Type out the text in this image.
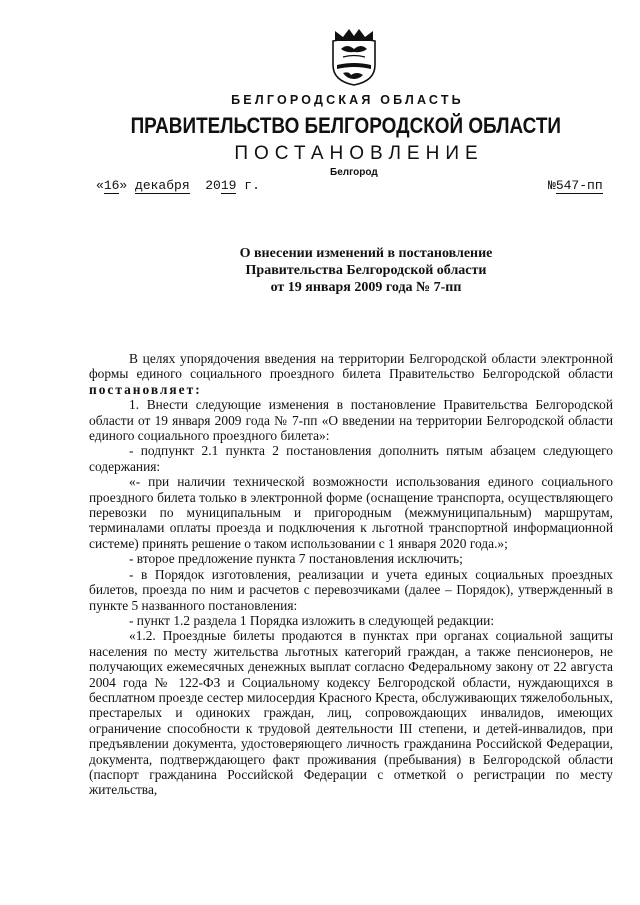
БЕЛГОРОДСКАЯ ОБЛАСТЬ
ПРАВИТЕЛЬСТВО БЕЛГОРОДСКОЙ ОБЛАСТИ
ПОСТАНОВЛЕНИЕ
Белгород
«16» декабря 2019 г.	№547-пп
О внесении изменений в постановление
Правительства Белгородской области
от 19 января 2009 года № 7-пп

В целях упорядочения введения на территории Белгородской области электронной формы единого социального проездного билета Правительство Белгородской области постановляет:

1. Внести следующие изменения в постановление Правительства Белгородской области от 19 января 2009 года № 7-пп «О введении на территории Белгородской области единого социального проездного билета»:

- подпункт 2.1 пункта 2 постановления дополнить пятым абзацем следующего содержания:

«- при наличии технической возможности использования единого социального проездного билета только в электронной форме (оснащение транспорта, осуществляющего перевозки по муниципальным и пригородным (межмуниципальным) маршрутам, терминалами оплаты проезда и подключения к льготной транспортной информационной системе) принять решение о таком использовании с 1 января 2020 года.»;

- второе предложение пункта 7 постановления исключить;

- в Порядок изготовления, реализации и учета единых социальных проездных билетов, проезда по ним и расчетов с перевозчиками (далее – Порядок), утвержденный в пункте 5 названного постановления:

- пункт 1.2 раздела 1 Порядка изложить в следующей редакции:

«1.2. Проездные билеты продаются в пунктах при органах социальной защиты населения по месту жительства льготных категорий граждан, а также пенсионеров, не получающих ежемесячных денежных выплат согласно Федеральному закону от 22 августа 2004 года № 122-ФЗ и Социальному кодексу Белгородской области, нуждающихся в бесплатном проезде сестер милосердия Красного Креста, обслуживающих тяжелобольных, престарелых и одиноких граждан, лиц, сопровождающих инвалидов, имеющих ограничение способности к трудовой деятельности III степени, и детей-инвалидов, при предъявлении документа, удостоверяющего личность гражданина Российской Федерации, документа, подтверждающего факт проживания (пребывания) в Белгородской области (паспорт гражданина Российской Федерации с отметкой о регистрации по месту жительства,
